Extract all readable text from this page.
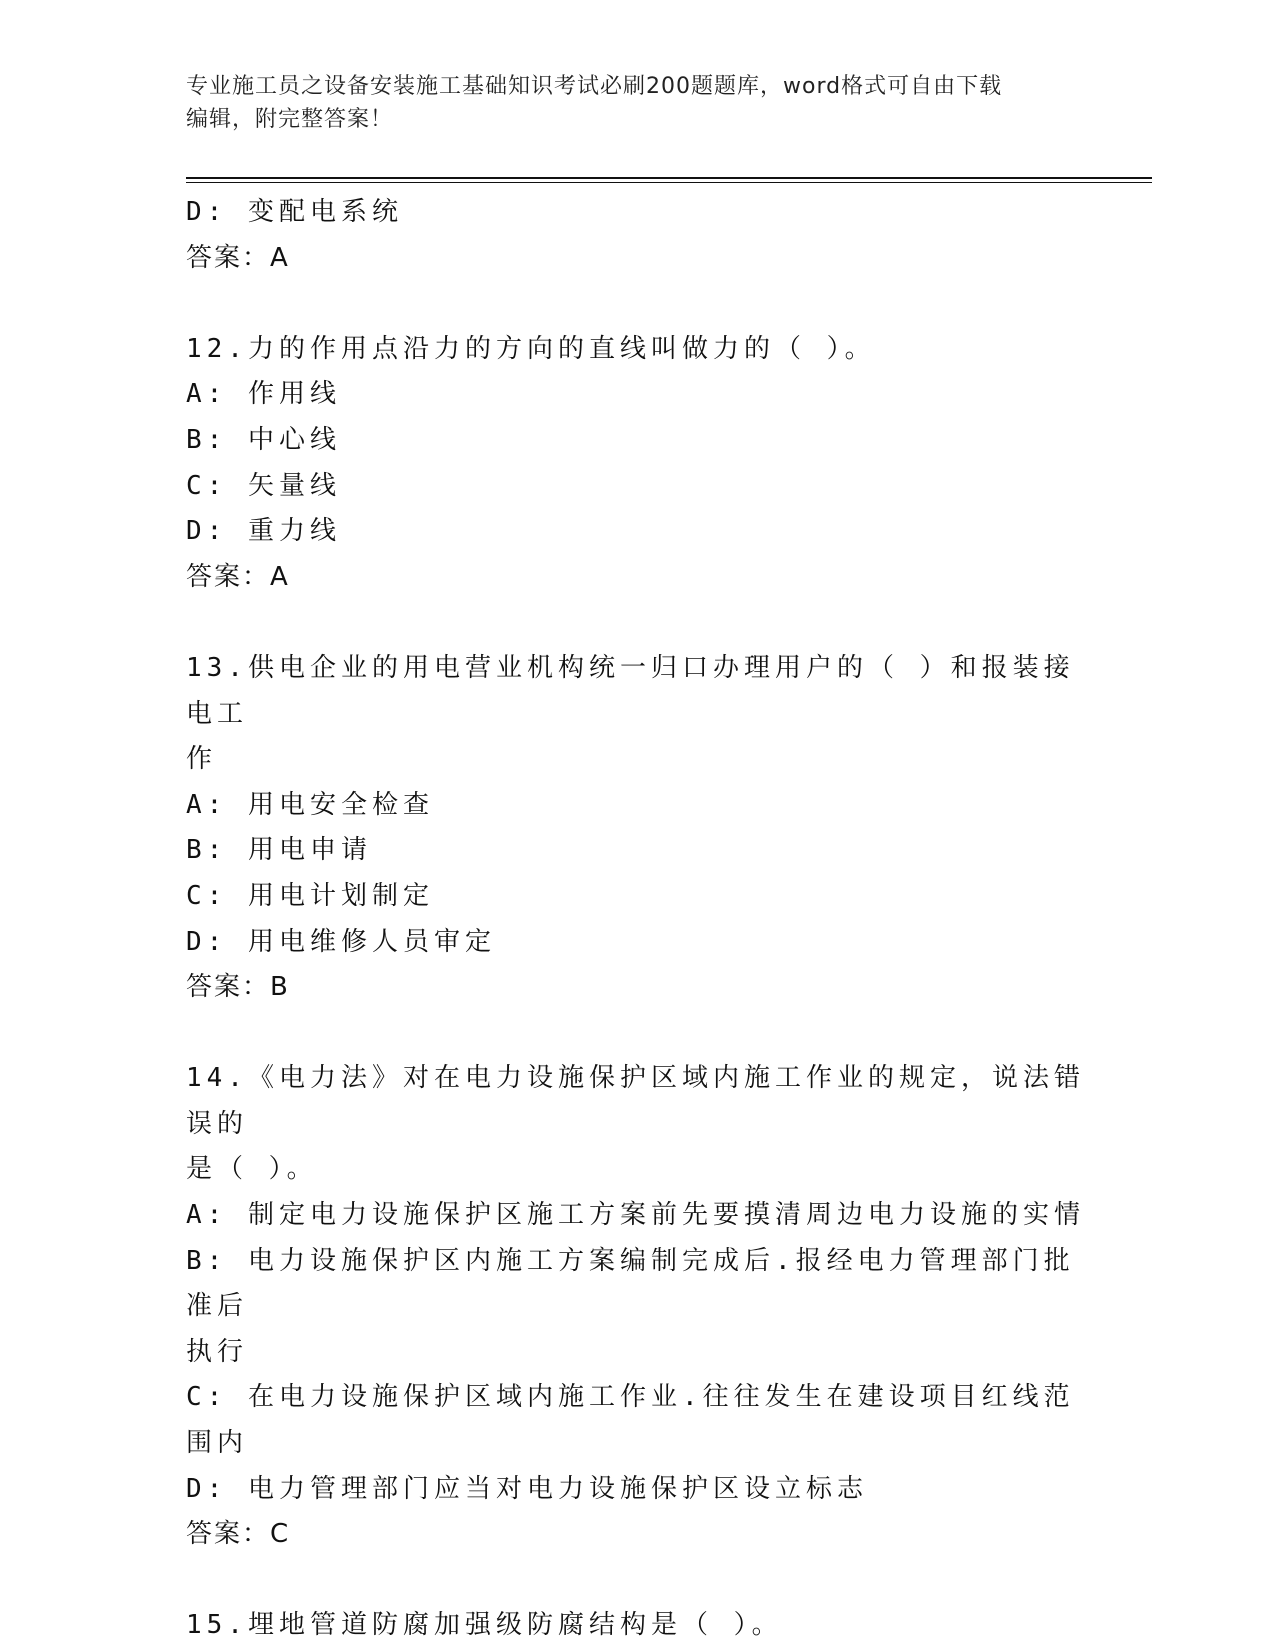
专业施工员之设备安装施工基础知识考试必刷200题题库，word格式可自由下载
编辑，附完整答案！
D: 变配电系统
答案：A
12.力的作用点沿力的方向的直线叫做力的（ ）。
A: 作用线
B: 中心线
C: 矢量线
D: 重力线
答案：A
13.供电企业的用电营业机构统一归口办理用户的（ ）和报装接电工
作
A: 用电安全检查
B: 用电申请
C: 用电计划制定
D: 用电维修人员审定
答案：B
14.《电力法》对在电力设施保护区域内施工作业的规定，说法错误的
是（ ）。
A: 制定电力设施保护区施工方案前先要摸清周边电力设施的实情
B: 电力设施保护区内施工方案编制完成后.报经电力管理部门批准后
执行
C: 在电力设施保护区域内施工作业.往往发生在建设项目红线范围内
D: 电力管理部门应当对电力设施保护区设立标志
答案：C
15.埋地管道防腐加强级防腐结构是（ ）。
